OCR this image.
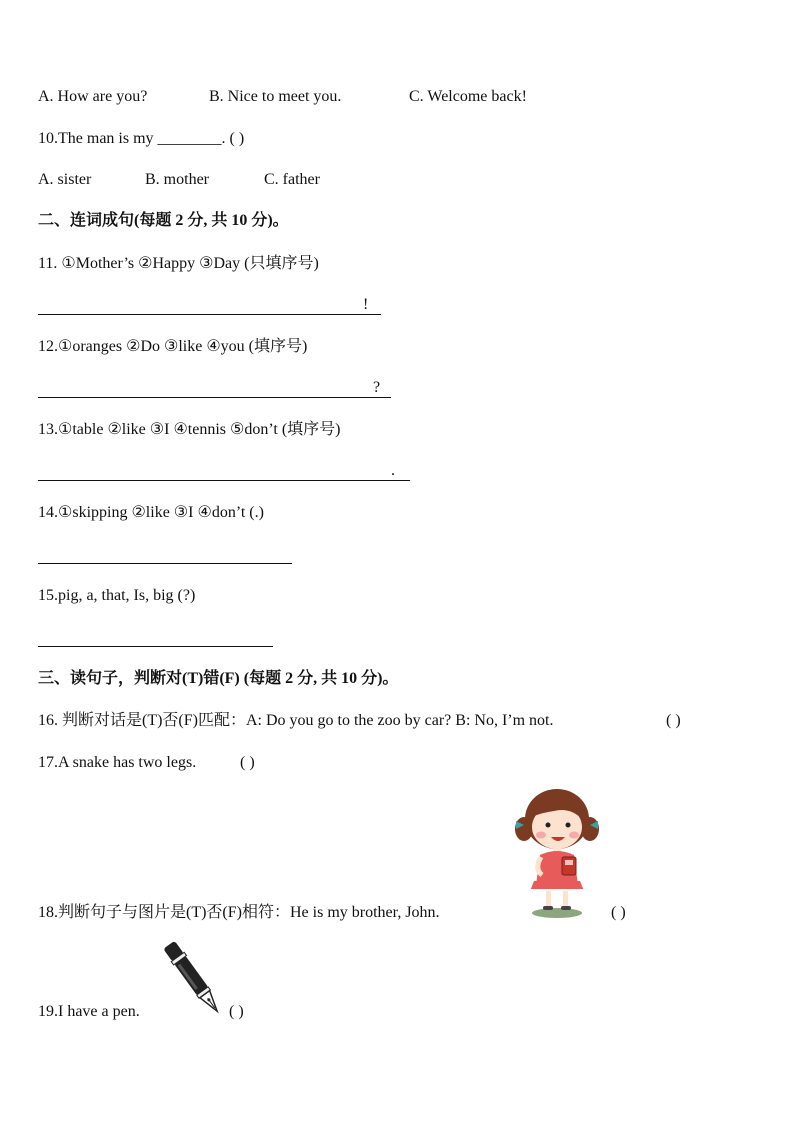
A. How are you?	B. Nice to meet you.	C. Welcome back!
10.The man is my ________. ( )
A. sister	B. mother	C. father
二、连词成句(每题 2 分, 共 10 分)。
11. ①Mother’s ②Happy ③Day (只填序号)
!
12.①oranges ②Do ③like ④you (填序号)
?
13.①table ②like ③I ④tennis ⑤don’t (填序号)
.
14.①skipping ②like ③I ④don’t (.)
15.pig, a, that, Is, big (?)
三、读句子，判断对(T)错(F) (每题 2 分, 共 10 分)。
16. 判断对话是(T)否(F)匹配：A: Do you go to the zoo by car? B: No, I’m not.	( )
17.A snake has two legs.	( )
18.判断句子与图片是(T)否(F)相符：He is my brother, John.	( )
19.I have a pen.	( )
